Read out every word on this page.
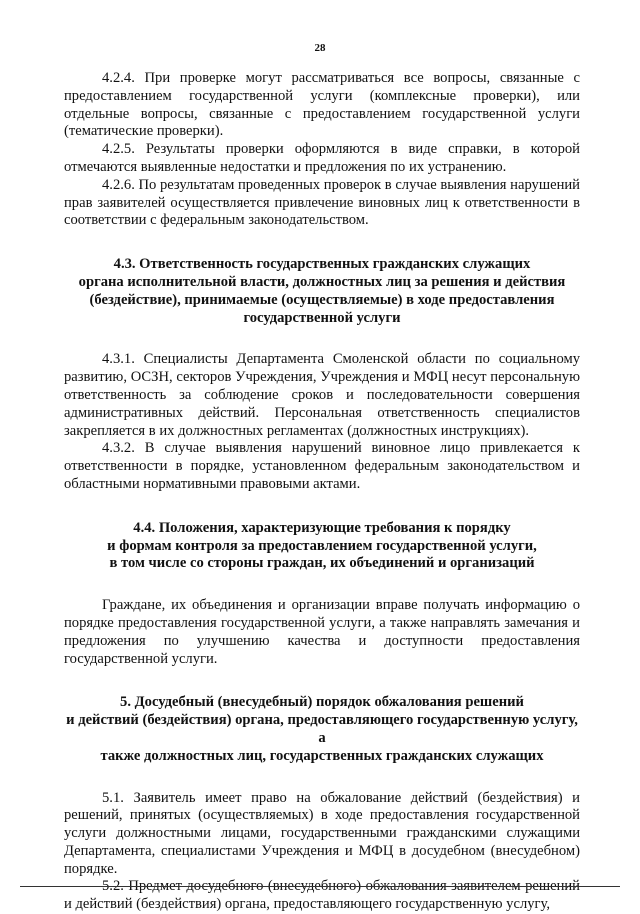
28

4.2.4. При проверке могут рассматриваться все вопросы, связанные с предоставлением государственной услуги (комплексные проверки), или отдельные вопросы, связанные с предоставлением государственной услуги (тематические проверки).

4.2.5. Результаты проверки оформляются в виде справки, в которой отмечаются выявленные недостатки и предложения по их устранению.

4.2.6. По результатам проведенных проверок в случае выявления нарушений прав заявителей осуществляется привлечение виновных лиц к ответственности в соответствии с федеральным законодательством.

4.3. Ответственность государственных гражданских служащих
органа исполнительной власти, должностных лиц за решения и действия
(бездействие), принимаемые (осуществляемые) в ходе предоставления
государственной услуги

4.3.1. Специалисты Департамента Смоленской области по социальному развитию, ОСЗН, секторов Учреждения, Учреждения и МФЦ несут персональную ответственность за соблюдение сроков и последовательности совершения административных действий. Персональная ответственность специалистов закрепляется в их должностных регламентах (должностных инструкциях).

4.3.2. В случае выявления нарушений виновное лицо привлекается к ответственности в порядке, установленном федеральным законодательством и областными нормативными правовыми актами.

4.4. Положения, характеризующие требования к порядку
и формам контроля за предоставлением государственной услуги,
в том числе со стороны граждан, их объединений и организаций

Граждане, их объединения и организации вправе получать информацию о порядке предоставления государственной услуги, а также направлять замечания и предложения по улучшению качества и доступности предоставления государственной услуги.

5. Досудебный (внесудебный) порядок обжалования решений
и действий (бездействия) органа, предоставляющего государственную услугу, а
также должностных лиц, государственных гражданских служащих

5.1. Заявитель имеет право на обжалование действий (бездействия) и решений, принятых (осуществляемых) в ходе предоставления государственной услуги должностными лицами, государственными гражданскими служащими Департамента, специалистами Учреждения и МФЦ в досудебном (внесудебном) порядке.

5.2. Предмет досудебного (внесудебного) обжалования заявителем решений и действий (бездействия) органа, предоставляющего государственную услугу,
